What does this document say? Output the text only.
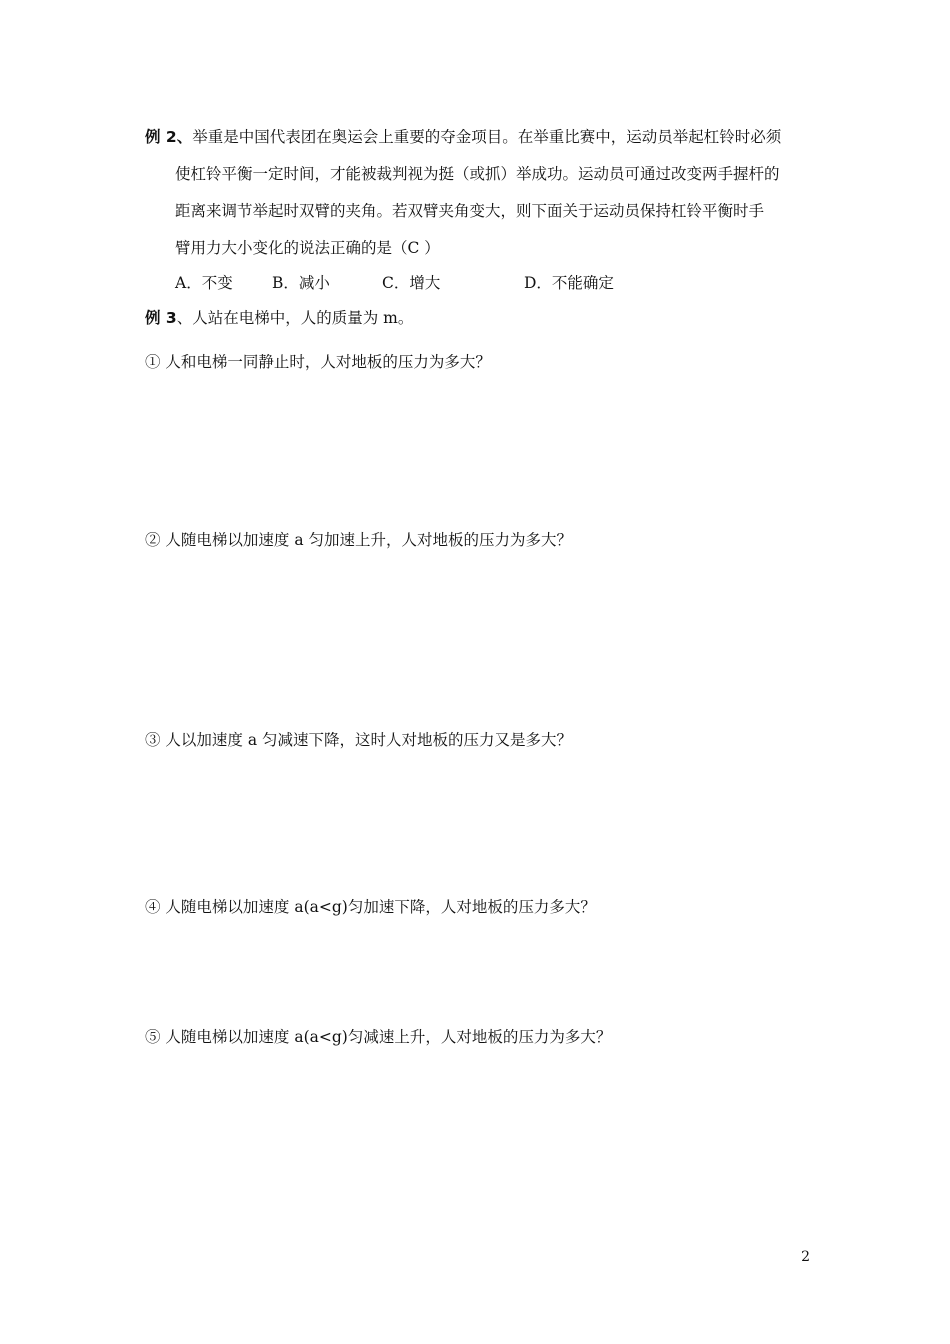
例 2、举重是中国代表团在奥运会上重要的夺金项目。在举重比赛中，运动员举起杠铃时必须
使杠铃平衡一定时间，才能被裁判视为挺（或抓）举成功。运动员可通过改变两手握杆的
距离来调节举起时双臂的夹角。若双臂夹角变大，则下面关于运动员保持杠铃平衡时手
臂用力大小变化的说法正确的是（C ）
A．不变	B．减小	C．增大	D．不能确定
例 3、人站在电梯中，人的质量为 m。
① 人和电梯一同静止时，人对地板的压力为多大？
② 人随电梯以加速度 a 匀加速上升，人对地板的压力为多大？
③ 人以加速度 a 匀减速下降，这时人对地板的压力又是多大？
④ 人随电梯以加速度 a(a<g)匀加速下降，人对地板的压力多大？
⑤ 人随电梯以加速度 a(a<g)匀减速上升，人对地板的压力为多大？
2
